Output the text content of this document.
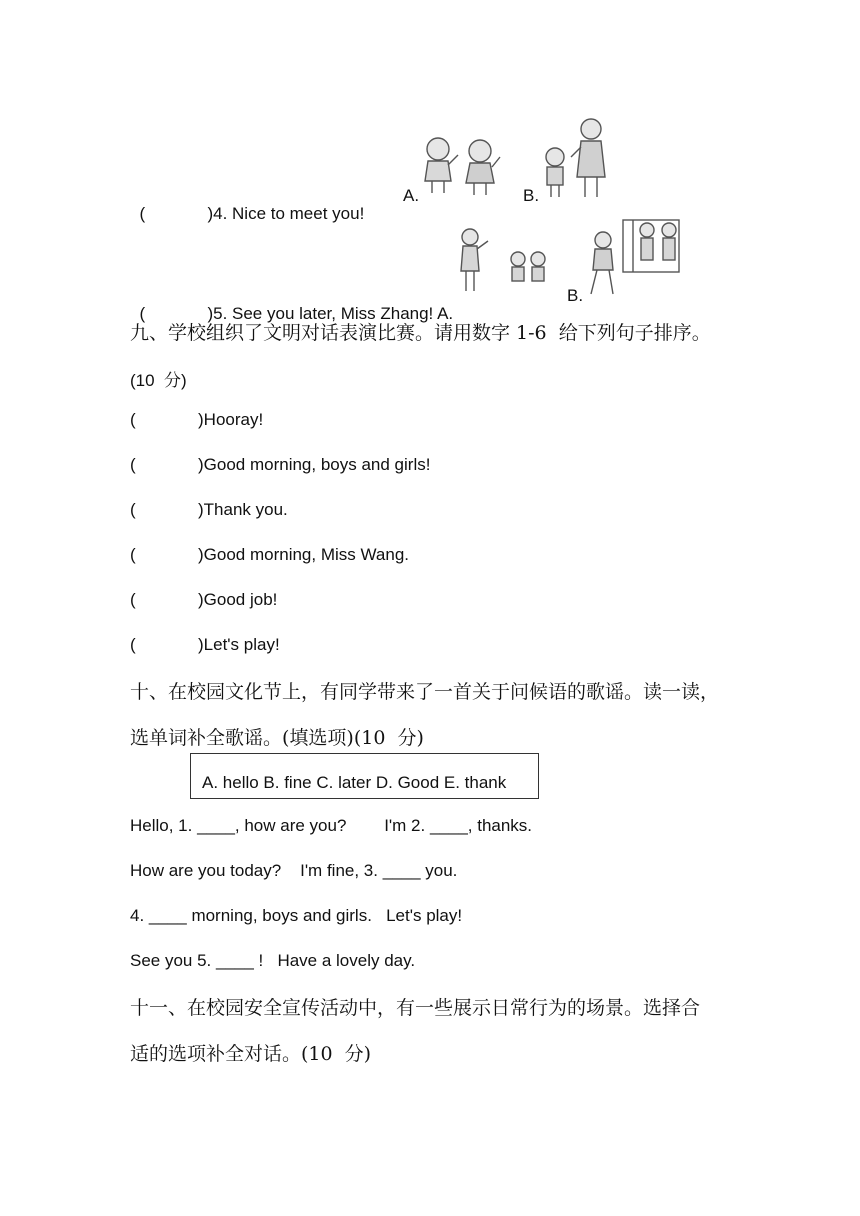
(	)4. Nice to meet you!

A.	B.

(	)5. See you later, Miss Zhang! A.

B.
九、学校组织了文明对话表演比赛。请用数字 1-6  给下列句子排序。
(10  分)
(	)Hooray!
(	)Good morning, boys and girls!
(	)Thank you.
(	)Good morning, Miss Wang.
(	)Good job!
(	)Let's play!
十、在校园文化节上，有同学带来了一首关于问候语的歌谣。读一读，
选单词补全歌谣。(填选项)(10  分)
A. hello B. fine C. later D. Good E. thank
Hello, 1. ____, how are you?        I'm 2. ____, thanks.
How are you today?    I'm fine, 3. ____ you.
4. ____ morning, boys and girls.   Let's play!
See you 5. ____ !   Have a lovely day.
十一、在校园安全宣传活动中，有一些展示日常行为的场景。选择合
适的选项补全对话。(10  分)
